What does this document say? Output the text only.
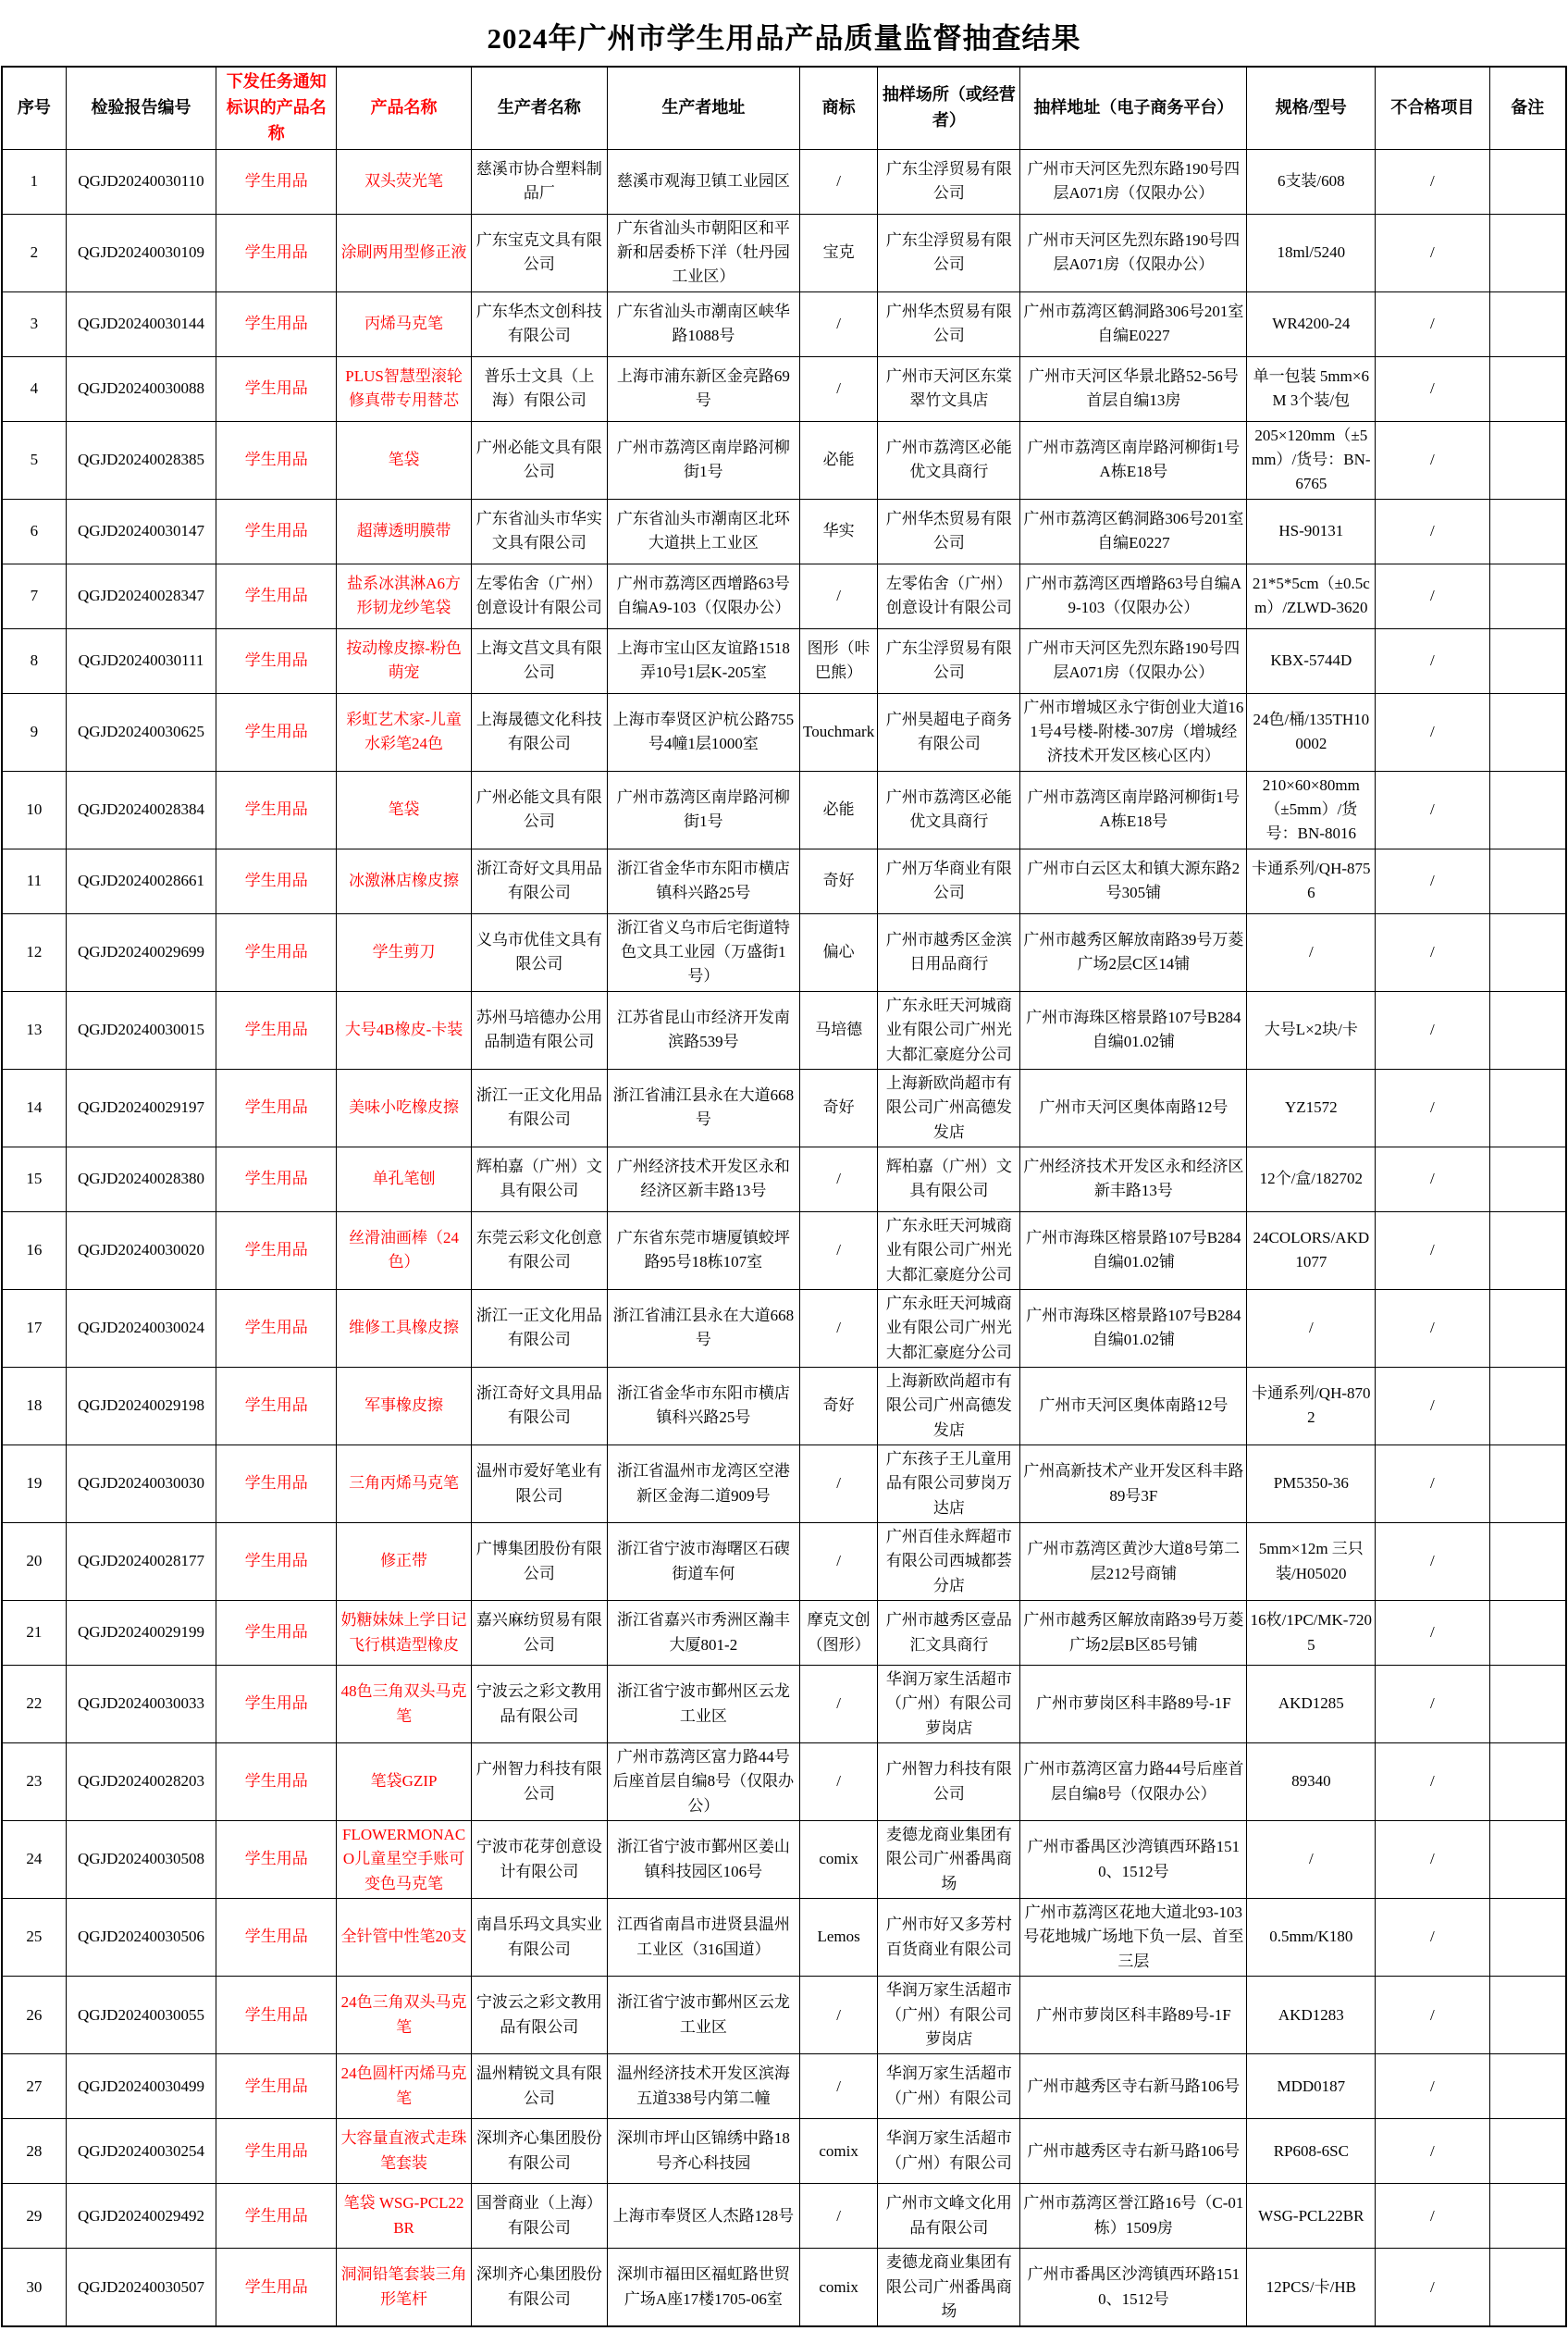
2024年广州市学生用品产品质量监督抽查结果
序号	检验报告编号	下发任务通知标识的产品名称	产品名称	生产者名称	生产者地址	商标	抽样场所（或经营者）	抽样地址（电子商务平台）	规格/型号	不合格项目	备注
1	QGJD20240030110	学生用品	双头荧光笔	慈溪市协合塑料制品厂	慈溪市观海卫镇工业园区	/	广东尘浮贸易有限公司	广州市天河区先烈东路190号四层A071房（仅限办公）	6支装/608	/	
2	QGJD20240030109	学生用品	涂刷两用型修正液	广东宝克文具有限公司	广东省汕头市朝阳区和平新和居委桥下洋（牡丹园工业区）	宝克	广东尘浮贸易有限公司	广州市天河区先烈东路190号四层A071房（仅限办公）	18ml/5240	/	
3	QGJD20240030144	学生用品	丙烯马克笔	广东华杰文创科技有限公司	广东省汕头市潮南区峡华路1088号	/	广州华杰贸易有限公司	广州市荔湾区鹤洞路306号201室自编E0227	WR4200-24	/	
4	QGJD20240030088	学生用品	PLUS智慧型滚轮修真带专用替芯	普乐士文具（上海）有限公司	上海市浦东新区金亮路69号	/	广州市天河区东棠翠竹文具店	广州市天河区华景北路52-56号首层自编13房	单一包装 5mm×6M 3个装/包	/	
5	QGJD20240028385	学生用品	笔袋	广州必能文具有限公司	广州市荔湾区南岸路河柳街1号	必能	广州市荔湾区必能优文具商行	广州市荔湾区南岸路河柳街1号A栋E18号	205×120mm（±5mm）/货号：BN-6765	/	
6	QGJD20240030147	学生用品	超薄透明膜带	广东省汕头市华实文具有限公司	广东省汕头市潮南区北环大道拱上工业区	华实	广州华杰贸易有限公司	广州市荔湾区鹤洞路306号201室自编E0227	HS-90131	/	
7	QGJD20240028347	学生用品	盐系冰淇淋A6方形韧龙纱笔袋	左零佑舍（广州）创意设计有限公司	广州市荔湾区西增路63号自编A9-103（仅限办公）	/	左零佑舍（广州）创意设计有限公司	广州市荔湾区西增路63号自编A9-103（仅限办公）	21*5*5cm（±0.5cm）/ZLWD-3620	/	
8	QGJD20240030111	学生用品	按动橡皮擦-粉色萌宠	上海文莒文具有限公司	上海市宝山区友谊路1518弄10号1层K-205室	图形（咔巴熊）	广东尘浮贸易有限公司	广州市天河区先烈东路190号四层A071房（仅限办公）	KBX-5744D	/	
9	QGJD20240030625	学生用品	彩虹艺术家-儿童水彩笔24色	上海晟德文化科技有限公司	上海市奉贤区沪杭公路755号4幢1层1000室	Touchmark	广州昊超电子商务有限公司	广州市增城区永宁街创业大道161号4号楼-附楼-307房（增城经济技术开发区核心区内）	24色/桶/135TH100002	/	
10	QGJD20240028384	学生用品	笔袋	广州必能文具有限公司	广州市荔湾区南岸路河柳街1号	必能	广州市荔湾区必能优文具商行	广州市荔湾区南岸路河柳街1号A栋E18号	210×60×80mm（±5mm）/货号：BN-8016	/	
11	QGJD20240028661	学生用品	冰激淋店橡皮擦	浙江奇好文具用品有限公司	浙江省金华市东阳市横店镇科兴路25号	奇好	广州万华商业有限公司	广州市白云区太和镇大源东路2号305铺	卡通系列/QH-8756	/	
12	QGJD20240029699	学生用品	学生剪刀	义乌市优佳文具有限公司	浙江省义乌市后宅街道特色文具工业园（万盛街1号）	偏心	广州市越秀区金滨日用品商行	广州市越秀区解放南路39号万菱广场2层C区14铺	/	/	
13	QGJD20240030015	学生用品	大号4B橡皮-卡装	苏州马培德办公用品制造有限公司	江苏省昆山市经济开发南滨路539号	马培德	广东永旺天河城商业有限公司广州光大都汇豪庭分公司	广州市海珠区榕景路107号B284自编01.02铺	大号L×2块/卡	/	
14	QGJD20240029197	学生用品	美味小吃橡皮擦	浙江一正文化用品有限公司	浙江省浦江县永在大道668号	奇好	上海新欧尚超市有限公司广州高德发发店	广州市天河区奥体南路12号	YZ1572	/	
15	QGJD20240028380	学生用品	单孔笔刨	辉柏嘉（广州）文具有限公司	广州经济技术开发区永和经济区新丰路13号	/	辉柏嘉（广州）文具有限公司	广州经济技术开发区永和经济区新丰路13号	12个/盒/182702	/	
16	QGJD20240030020	学生用品	丝滑油画棒（24色）	东莞云彩文化创意有限公司	广东省东莞市塘厦镇蛟坪路95号18栋107室	/	广东永旺天河城商业有限公司广州光大都汇豪庭分公司	广州市海珠区榕景路107号B284自编01.02铺	24COLORS/AKD1077	/	
17	QGJD20240030024	学生用品	维修工具橡皮擦	浙江一正文化用品有限公司	浙江省浦江县永在大道668号	/	广东永旺天河城商业有限公司广州光大都汇豪庭分公司	广州市海珠区榕景路107号B284自编01.02铺	/	/	
18	QGJD20240029198	学生用品	军事橡皮擦	浙江奇好文具用品有限公司	浙江省金华市东阳市横店镇科兴路25号	奇好	上海新欧尚超市有限公司广州高德发发店	广州市天河区奥体南路12号	卡通系列/QH-8702	/	
19	QGJD20240030030	学生用品	三角丙烯马克笔	温州市爱好笔业有限公司	浙江省温州市龙湾区空港新区金海二道909号	/	广东孩子王儿童用品有限公司萝岗万达店	广州高新技术产业开发区科丰路89号3F	PM5350-36	/	
20	QGJD20240028177	学生用品	修正带	广博集团股份有限公司	浙江省宁波市海曙区石碶街道车何	/	广州百佳永辉超市有限公司西城都荟分店	广州市荔湾区黄沙大道8号第二层212号商铺	5mm×12m 三只装/H05020	/	
21	QGJD20240029199	学生用品	奶糖妹妹上学日记 飞行棋造型橡皮	嘉兴麻纺贸易有限公司	浙江省嘉兴市秀洲区瀚丰大厦801-2	摩克文创（图形）	广州市越秀区壹品汇文具商行	广州市越秀区解放南路39号万菱广场2层B区85号铺	16枚/1PC/MK-7205	/	
22	QGJD20240030033	学生用品	48色三角双头马克笔	宁波云之彩文教用品有限公司	浙江省宁波市鄞州区云龙工业区	/	华润万家生活超市（广州）有限公司萝岗店	广州市萝岗区科丰路89号-1F	AKD1285	/	
23	QGJD20240028203	学生用品	笔袋GZIP	广州智力科技有限公司	广州市荔湾区富力路44号后座首层自编8号（仅限办公）	/	广州智力科技有限公司	广州市荔湾区富力路44号后座首层自编8号（仅限办公）	89340	/	
24	QGJD20240030508	学生用品	FLOWERMONACO儿童星空手账可变色马克笔	宁波市花芽创意设计有限公司	浙江省宁波市鄞州区姜山镇科技园区106号	comix	麦德龙商业集团有限公司广州番禺商场	广州市番禺区沙湾镇西环路1510、1512号	/	/	
25	QGJD20240030506	学生用品	全针管中性笔20支	南昌乐玛文具实业有限公司	江西省南昌市进贤县温州工业区（316国道）	Lemos	广州市好又多芳村百货商业有限公司	广州市荔湾区花地大道北93-103号花地城广场地下负一层、首至三层	0.5mm/K180	/	
26	QGJD20240030055	学生用品	24色三角双头马克笔	宁波云之彩文教用品有限公司	浙江省宁波市鄞州区云龙工业区	/	华润万家生活超市（广州）有限公司萝岗店	广州市萝岗区科丰路89号-1F	AKD1283	/	
27	QGJD20240030499	学生用品	24色圆杆丙烯马克笔	温州精锐文具有限公司	温州经济技术开发区滨海五道338号内第二幢	/	华润万家生活超市（广州）有限公司	广州市越秀区寺右新马路106号	MDD0187	/	
28	QGJD20240030254	学生用品	大容量直液式走珠笔套装	深圳齐心集团股份有限公司	深圳市坪山区锦绣中路18号齐心科技园	comix	华润万家生活超市（广州）有限公司	广州市越秀区寺右新马路106号	RP608-6SC	/	
29	QGJD20240029492	学生用品	笔袋 WSG-PCL22BR	国誉商业（上海）有限公司	上海市奉贤区人杰路128号	/	广州市文峰文化用品有限公司	广州市荔湾区誉江路16号（C-01栋）1509房	WSG-PCL22BR	/	
30	QGJD20240030507	学生用品	洞洞铅笔套装三角形笔杆	深圳齐心集团股份有限公司	深圳市福田区福虹路世贸广场A座17楼1705-06室	comix	麦德龙商业集团有限公司广州番禺商场	广州市番禺区沙湾镇西环路1510、1512号	12PCS/卡/HB	/	
